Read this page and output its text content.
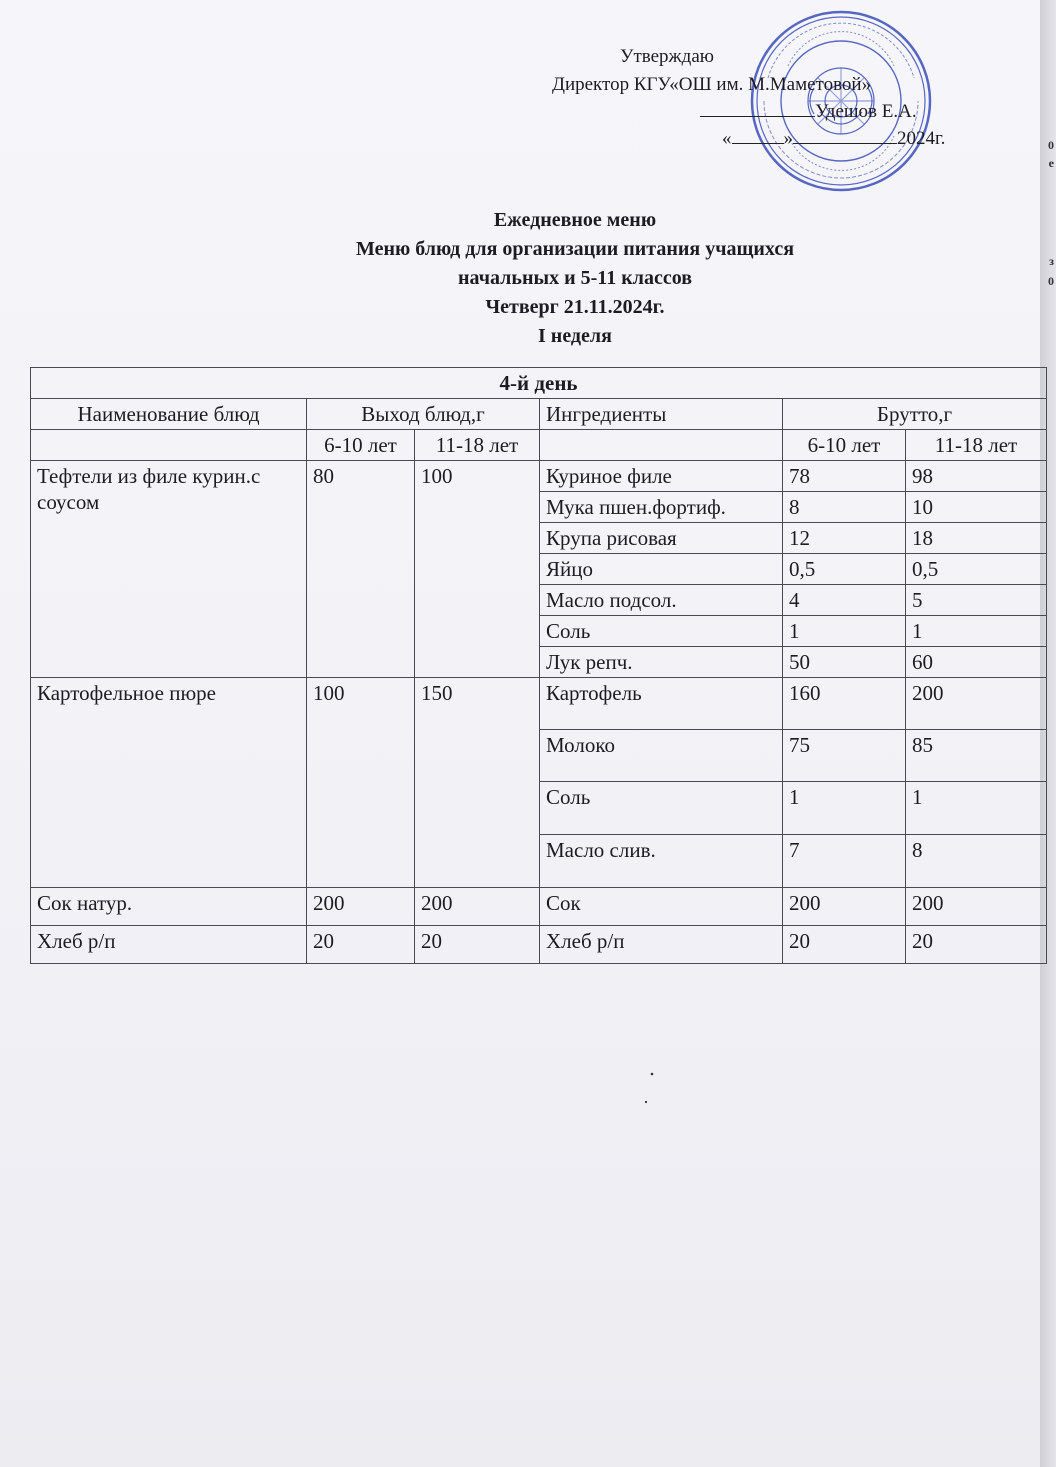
0
е
з
0
Утверждаю
Директор КГУ«ОШ им. М.Маметовой»
Удешов Е.А.
«	»	2024г.
Ежедневное меню
Меню блюд для организации питания учащихся
начальных и 5-11 классов
Четверг 21.11.2024г.
I неделя
4-й день					
Наименование блюд	Выход блюд,г		Ингредиенты	Брутто,г	
	6-10 лет	11-18 лет		6-10 лет	11-18 лет
Тефтели из филе курин.с соусом	80	100	Куриное филе	78	98
			Мука пшен.фортиф.	8	10
			Крупа рисовая	12	18
			Яйцо	0,5	0,5
			Масло подсол.	4	5
			Соль	1	1
			Лук репч.	50	60
Картофельное пюре	100	150	Картофель	160	200
			Молоко	75	85
			Соль	1	1
			Масло слив.	7	8
Сок натур.	200	200	Сок	200	200
Хлеб р/п	20	20	Хлеб р/п	20	20
